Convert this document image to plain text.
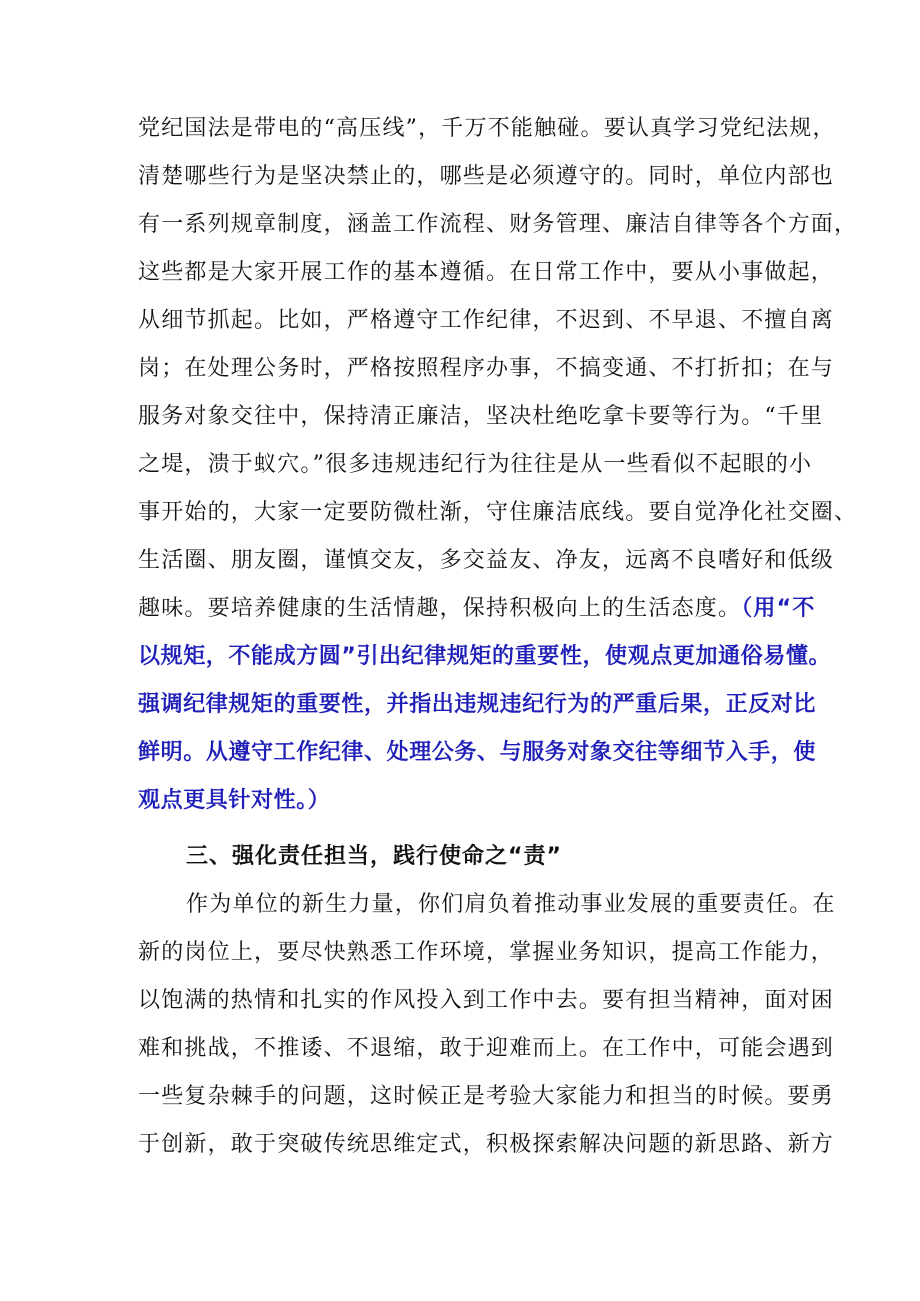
党纪国法是带电的“高压线”，千万不能触碰。要认真学习党纪法规，
清楚哪些行为是坚决禁止的，哪些是必须遵守的。同时，单位内部也
有一系列规章制度，涵盖工作流程、财务管理、廉洁自律等各个方面，
这些都是大家开展工作的基本遵循。在日常工作中，要从小事做起，
从细节抓起。比如，严格遵守工作纪律，不迟到、不早退、不擅自离
岗；在处理公务时，严格按照程序办事，不搞变通、不打折扣；在与
服务对象交往中，保持清正廉洁，坚决杜绝吃拿卡要等行为。“千里
之堤，溃于蚁穴。”很多违规违纪行为往往是从一些看似不起眼的小
事开始的，大家一定要防微杜渐，守住廉洁底线。要自觉净化社交圈、
生活圈、朋友圈，谨慎交友，多交益友、净友，远离不良嗜好和低级
趣味。要培养健康的生活情趣，保持积极向上的生活态度。（用“不
以规矩，不能成方圆”引出纪律规矩的重要性，使观点更加通俗易懂。
强调纪律规矩的重要性，并指出违规违纪行为的严重后果，正反对比
鲜明。从遵守工作纪律、处理公务、与服务对象交往等细节入手，使
观点更具针对性。）
三、强化责任担当，践行使命之“责”
作为单位的新生力量，你们肩负着推动事业发展的重要责任。在
新的岗位上，要尽快熟悉工作环境，掌握业务知识，提高工作能力，
以饱满的热情和扎实的作风投入到工作中去。要有担当精神，面对困
难和挑战，不推诿、不退缩，敢于迎难而上。在工作中，可能会遇到
一些复杂棘手的问题，这时候正是考验大家能力和担当的时候。要勇
于创新，敢于突破传统思维定式，积极探索解决问题的新思路、新方
